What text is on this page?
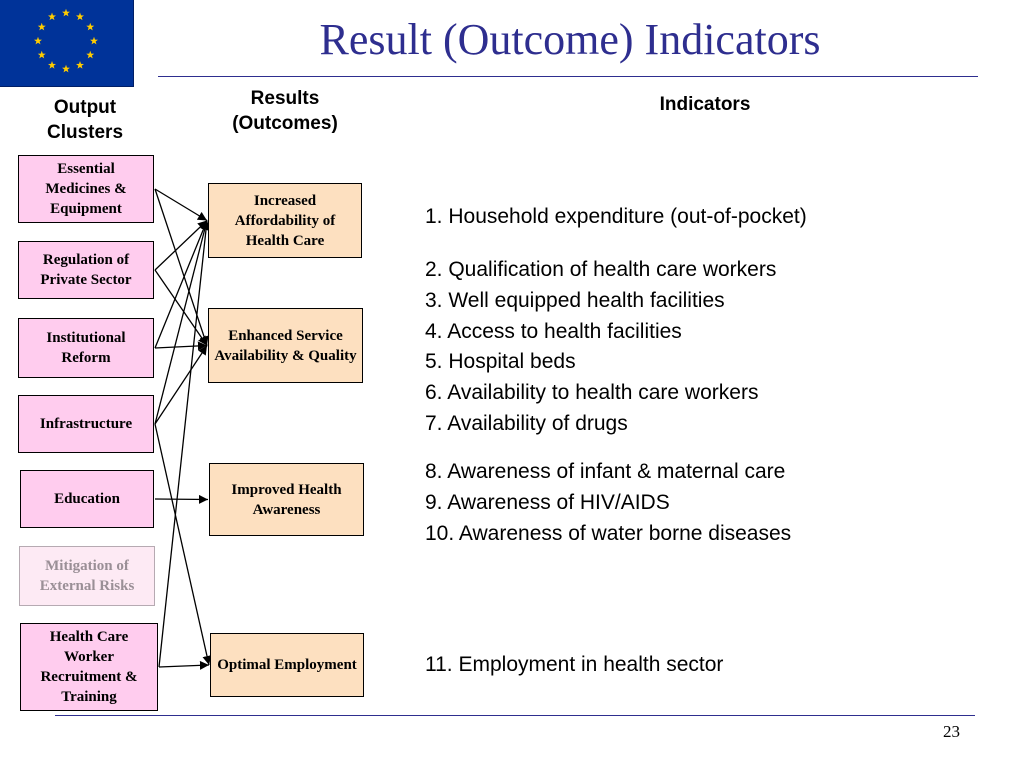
Result (Outcome) Indicators
Output Clusters
Results (Outcomes)
Indicators
Essential Medicines & Equipment
Regulation of Private Sector
Institutional Reform
Infrastructure
Education
Mitigation of External Risks
Health Care Worker Recruitment & Training
Increased Affordability of Health Care
Enhanced Service Availability & Quality
Improved Health Awareness
Optimal Employment
1. Household expenditure (out-of-pocket)
2. Qualification of health care workers
3. Well equipped health facilities
4. Access to health facilities
5. Hospital beds
6. Availability to health care workers
7. Availability of drugs
8. Awareness of infant & maternal care
9. Awareness of HIV/AIDS
10. Awareness of water borne diseases
11. Employment in health sector
23
